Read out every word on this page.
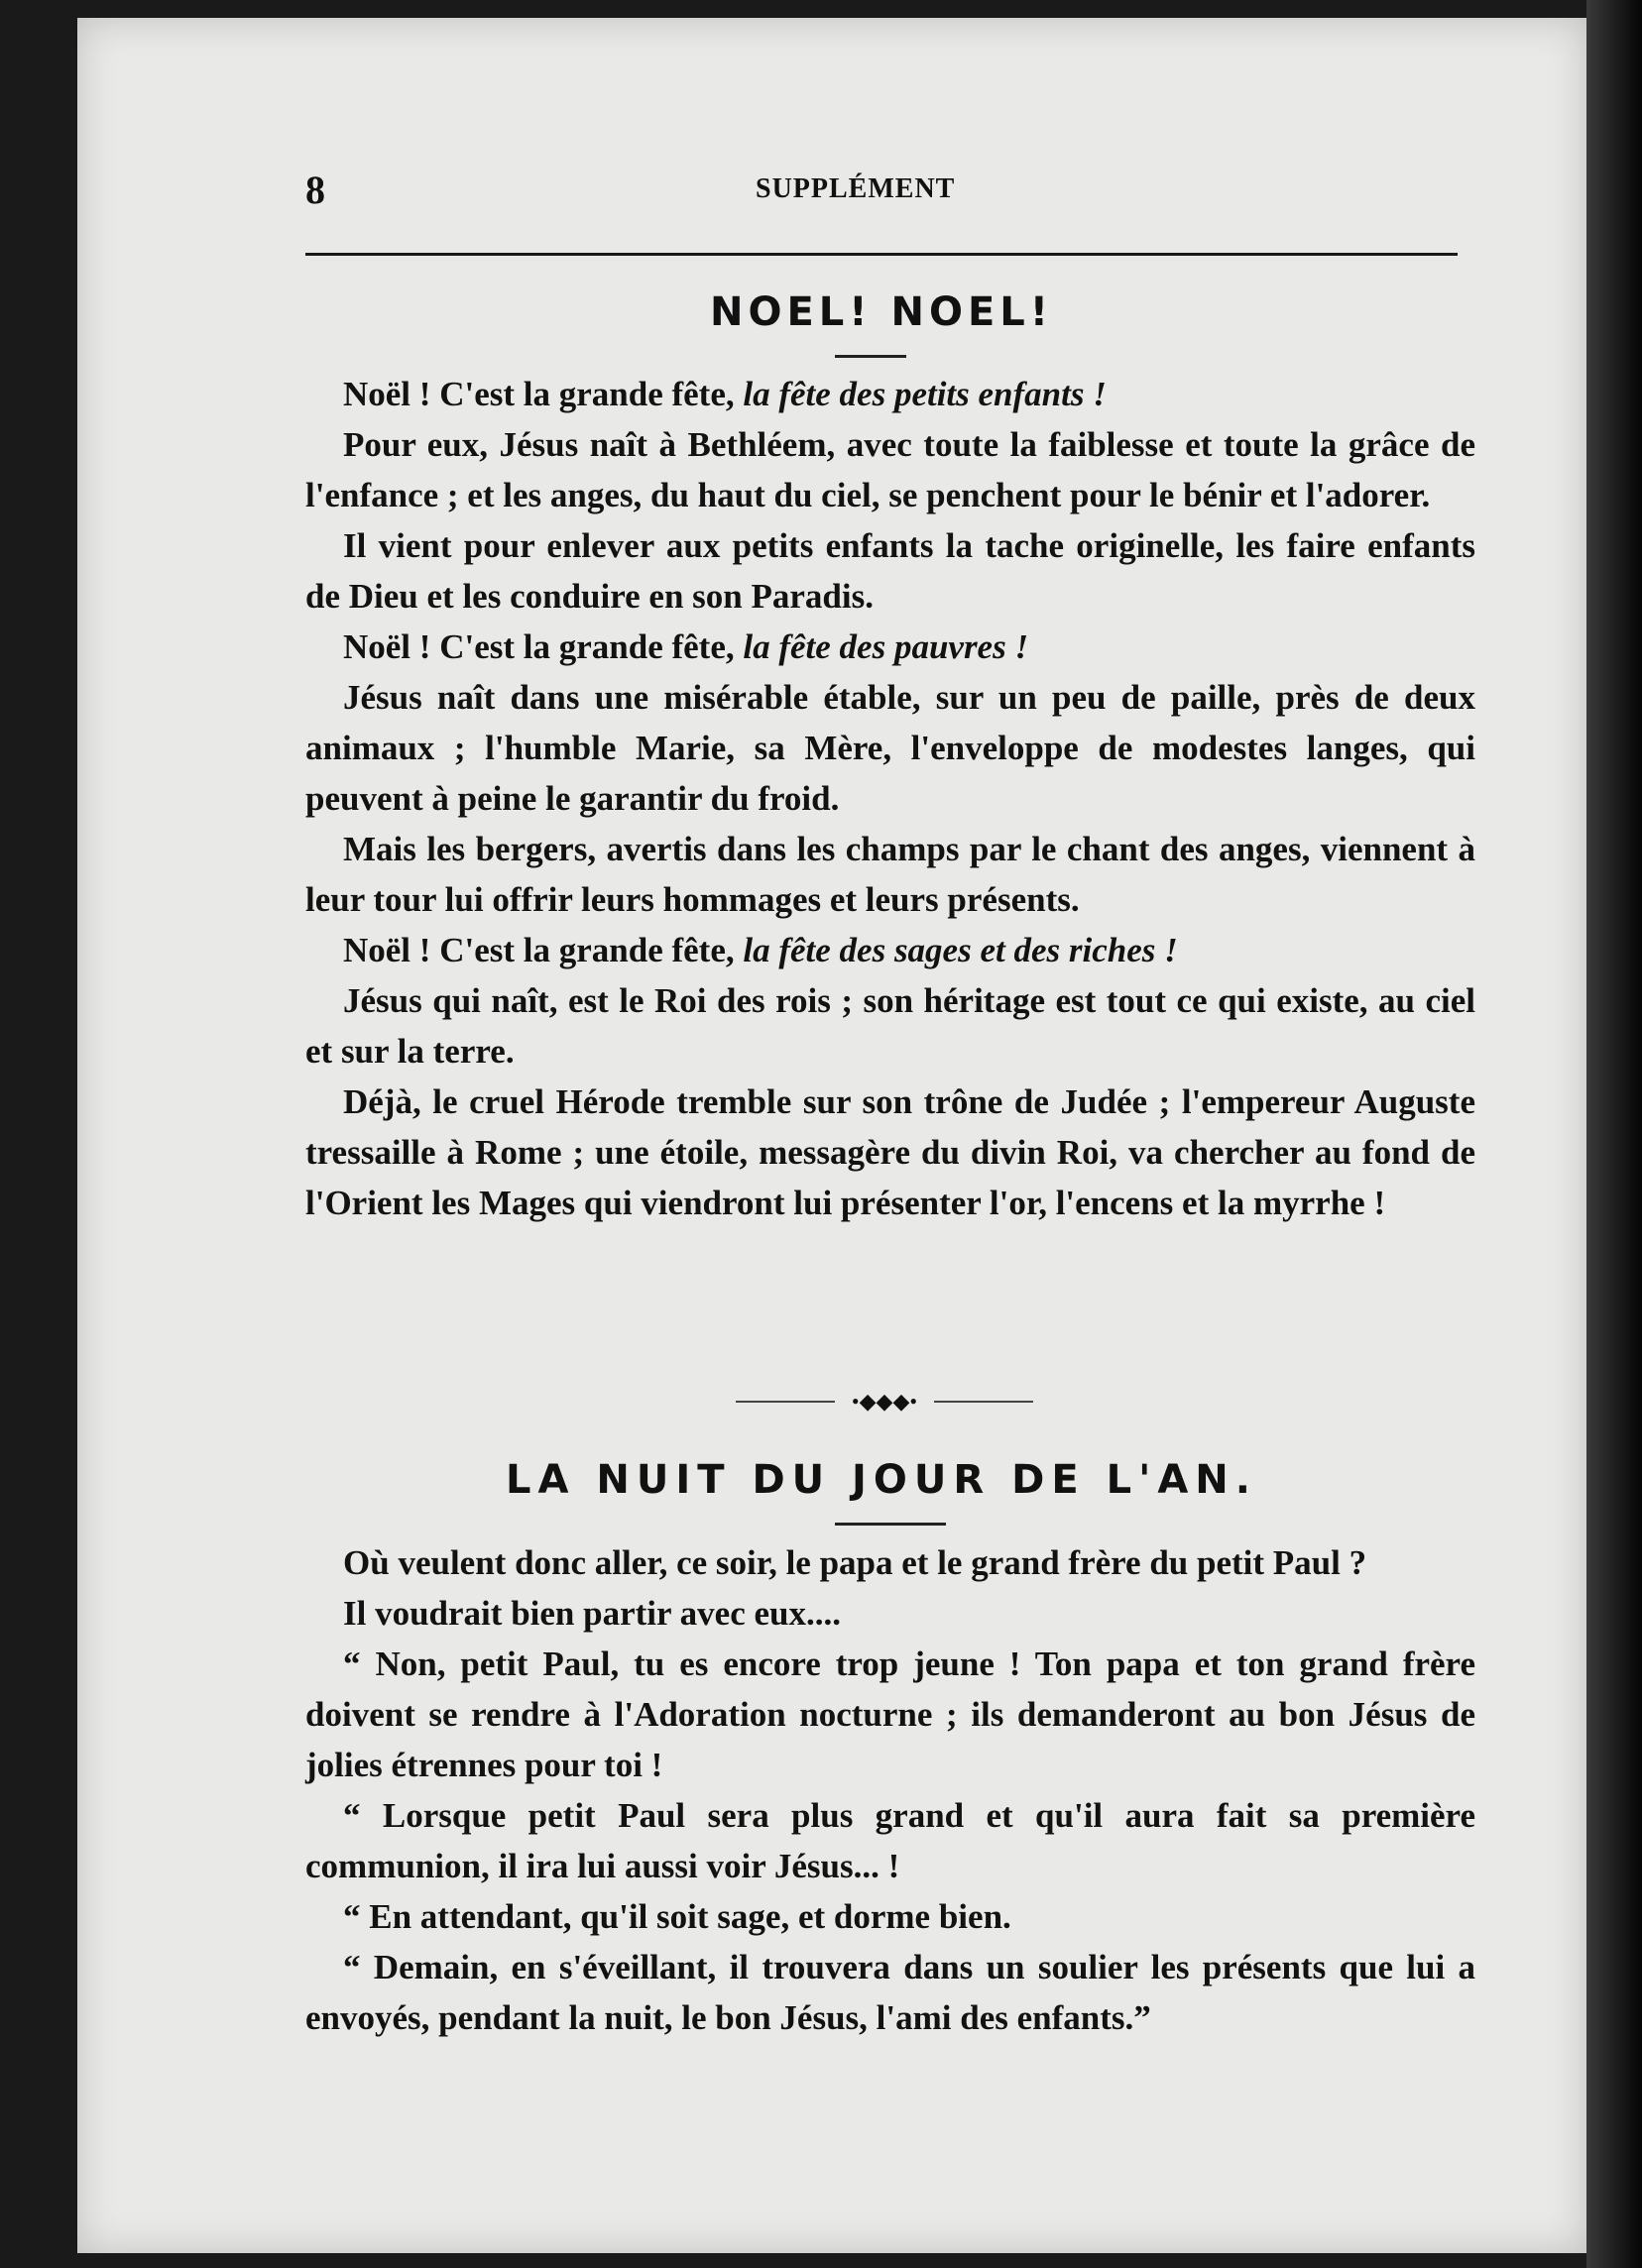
8	SUPPLÉMENT
NOEL! NOEL!

Noël ! C'est la grande fête, la fête des petits enfants !

Pour eux, Jésus naît à Bethléem, avec toute la faiblesse et toute la grâce de l'enfance ; et les anges, du haut du ciel, se penchent pour le bénir et l'adorer.

Il vient pour enlever aux petits enfants la tache originelle, les faire enfants de Dieu et les conduire en son Paradis.

Noël ! C'est la grande fête, la fête des pauvres !

Jésus naît dans une misérable étable, sur un peu de paille, près de deux animaux ; l'humble Marie, sa Mère, l'enveloppe de modestes langes, qui peuvent à peine le garantir du froid.

Mais les bergers, avertis dans les champs par le chant des anges, viennent à leur tour lui offrir leurs hommages et leurs présents.

Noël ! C'est la grande fête, la fête des sages et des riches !

Jésus qui naît, est le Roi des rois ; son héritage est tout ce qui existe, au ciel et sur la terre.

Déjà, le cruel Hérode tremble sur son trône de Judée ; l'empereur Auguste tressaille à Rome ; une étoile, messagère du divin Roi, va chercher au fond de l'Orient les Mages qui viendront lui présenter l'or, l'encens et la myrrhe !

•◆◆◆•
LA NUIT DU JOUR DE L'AN.

Où veulent donc aller, ce soir, le papa et le grand frère du petit Paul ?

Il voudrait bien partir avec eux....

“ Non, petit Paul, tu es encore trop jeune ! Ton papa et ton grand frère doivent se rendre à l'Adoration nocturne ; ils demanderont au bon Jésus de jolies étrennes pour toi !

“ Lorsque petit Paul sera plus grand et qu'il aura fait sa première communion, il ira lui aussi voir Jésus... !

“ En attendant, qu'il soit sage, et dorme bien.

“ Demain, en s'éveillant, il trouvera dans un soulier les présents que lui a envoyés, pendant la nuit, le bon Jésus, l'ami des enfants.”
